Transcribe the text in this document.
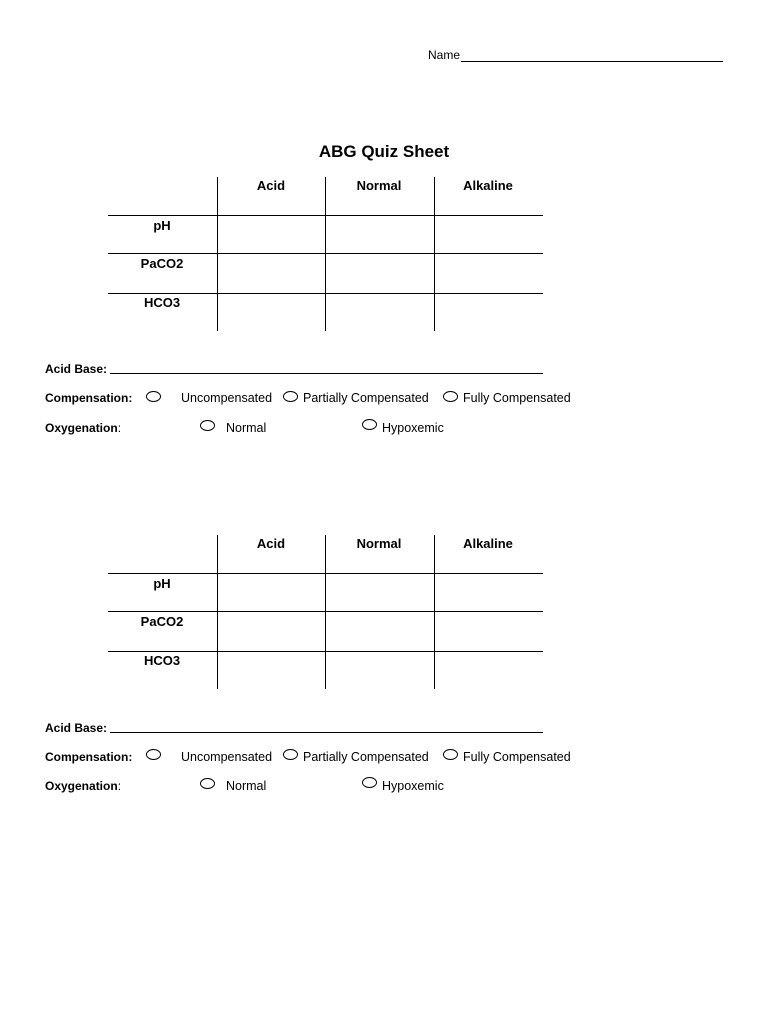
Name
ABG Quiz Sheet
Acid	Normal	Alkaline
pH
PaCO2
HCO3
Acid Base:
Compensation:	Uncompensated Partially Compensated	Fully Compensated
Oxygenation:	Normal	Hypoxemic
Acid	Normal	Alkaline
pH
PaCO2
HCO3
Acid Base:
Compensation:	Uncompensated Partially Compensated	Fully Compensated
Oxygenation:	Normal	Hypoxemic
